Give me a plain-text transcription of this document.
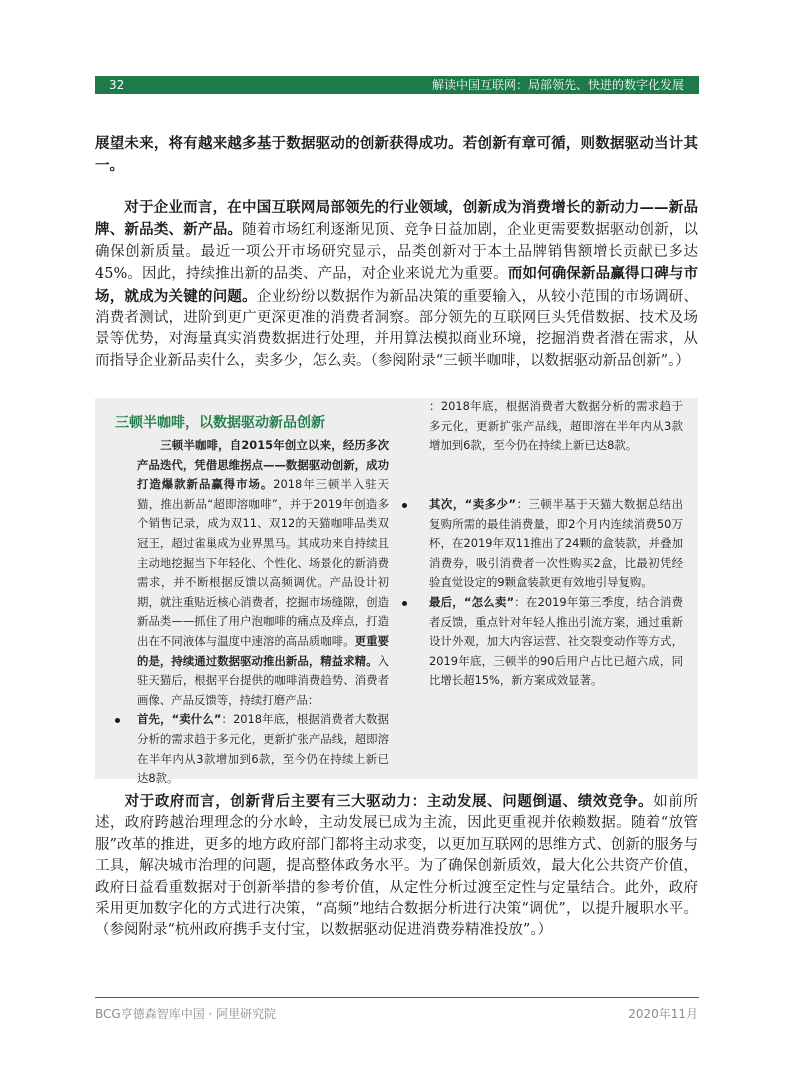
32	解读中国互联网：局部领先、快进的数字化发展

展望未来，将有越来越多基于数据驱动的创新获得成功。若创新有章可循，则数据驱动当计其一。

对于企业而言，在中国互联网局部领先的行业领域，创新成为消费增长的新动力——新品牌、新品类、新产品。随着市场红利逐渐见顶、竞争日益加剧，企业更需要数据驱动创新，以确保创新质量。最近一项公开市场研究显示，品类创新对于本土品牌销售额增长贡献已多达45%。因此，持续推出新的品类、产品，对企业来说尤为重要。而如何确保新品赢得口碑与市场，就成为关键的问题。企业纷纷以数据作为新品决策的重要输入，从较小范围的市场调研、消费者测试，进阶到更广更深更准的消费者洞察。部分领先的互联网巨头凭借数据、技术及场景等优势，对海量真实消费数据进行处理，并用算法模拟商业环境，挖掘消费者潜在需求，从而指导企业新品卖什么，卖多少，怎么卖。（参阅附录“三顿半咖啡，以数据驱动新品创新”。）

三顿半咖啡，以数据驱动新品创新

三顿半咖啡，自2015年创立以来，经历多次产品迭代，凭借思维拐点——数据驱动创新，成功打造爆款新品赢得市场。2018年三顿半入驻天猫，推出新品“超即溶咖啡”，并于2019年创造多个销售记录，成为双11、双12的天猫咖啡品类双冠王，超过雀巢成为业界黑马。其成功来自持续且主动地挖掘当下年轻化、个性化、场景化的新消费需求，并不断根据反馈以高频调优。产品设计初期，就注重贴近核心消费者，挖掘市场缝隙，创造新品类——抓住了用户泡咖啡的痛点及痒点，打造出在不同液体与温度中速溶的高品质咖啡。更重要的是，持续通过数据驱动推出新品，精益求精。入驻天猫后，根据平台提供的咖啡消费趋势、消费者画像、产品反馈等，持续打磨产品：

首先，“卖什么”：2018年底，根据消费者大数据分析的需求趋于多元化，更新扩张产品线，超即溶在半年内从3款增加到6款，至今仍在持续上新已达8款。

：2018年底，根据消费者大数据分析的需求趋于多元化，更新扩张产品线，超即溶在半年内从3款增加到6款，至今仍在持续上新已达8款。

其次，“卖多少”：三顿半基于天猫大数据总结出复购所需的最佳消费量，即2个月内连续消费50万杯，在2019年双11推出了24颗的盒装款，并叠加消费券，吸引消费者一次性购买2盒，比最初凭经验直觉设定的9颗盒装款更有效地引导复购。

最后，“怎么卖”：在2019年第三季度，结合消费者反馈，重点针对年轻人推出引流方案，通过重新设计外观，加大内容运营、社交裂变动作等方式，2019年底，三顿半的90后用户占比已超六成，同比增长超15%，新方案成效显著。

对于政府而言，创新背后主要有三大驱动力：主动发展、问题倒逼、绩效竞争。如前所述，政府跨越治理理念的分水岭，主动发展已成为主流，因此更重视并依赖数据。随着“放管服”改革的推进，更多的地方政府部门都将主动求变，以更加互联网的思维方式、创新的服务与工具，解决城市治理的问题，提高整体政务水平。为了确保创新质效，最大化公共资产价值，政府日益看重数据对于创新举措的参考价值，从定性分析过渡至定性与定量结合。此外，政府采用更加数字化的方式进行决策，“高频”地结合数据分析进行决策“调优”，以提升履职水平。（参阅附录“杭州政府携手支付宝，以数据驱动促进消费券精准投放”。）

BCG亨德森智库中国 · 阿里研究院	2020年11月
